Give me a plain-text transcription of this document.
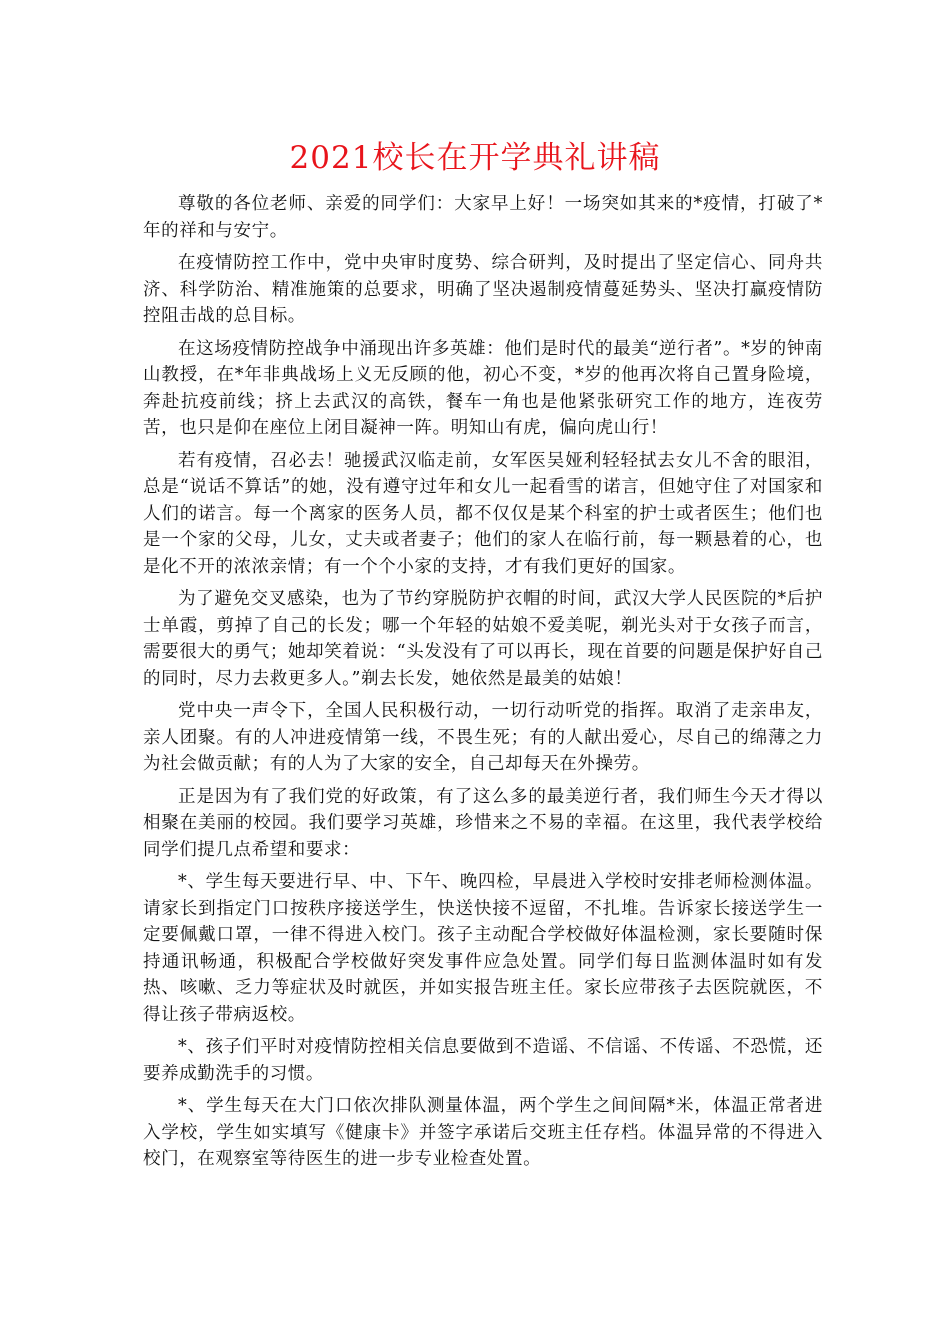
2021校长在开学典礼讲稿

尊敬的各位老师、亲爱的同学们：大家早上好！一场突如其来的*疫情，打破了*年的祥和与安宁。

在疫情防控工作中，党中央审时度势、综合研判，及时提出了坚定信心、同舟共济、科学防治、精准施策的总要求，明确了坚决遏制疫情蔓延势头、坚决打赢疫情防控阻击战的总目标。

在这场疫情防控战争中涌现出许多英雄：他们是时代的最美“逆行者”。*岁的钟南山教授，在*年非典战场上义无反顾的他，初心不变，*岁的他再次将自己置身险境，奔赴抗疫前线；挤上去武汉的高铁，餐车一角也是他紧张研究工作的地方，连夜劳苦，也只是仰在座位上闭目凝神一阵。明知山有虎，偏向虎山行！

若有疫情，召必去！驰援武汉临走前，女军医吴娅利轻轻拭去女儿不舍的眼泪，总是“说话不算话”的她，没有遵守过年和女儿一起看雪的诺言，但她守住了对国家和人们的诺言。每一个离家的医务人员，都不仅仅是某个科室的护士或者医生；他们也是一个家的父母，儿女，丈夫或者妻子；他们的家人在临行前，每一颗悬着的心，也是化不开的浓浓亲情；有一个个小家的支持，才有我们更好的国家。

为了避免交叉感染，也为了节约穿脱防护衣帽的时间，武汉大学人民医院的*后护士单霞，剪掉了自己的长发；哪一个年轻的姑娘不爱美呢，剃光头对于女孩子而言，需要很大的勇气；她却笑着说：“头发没有了可以再长，现在首要的问题是保护好自己的同时，尽力去救更多人。”剃去长发，她依然是最美的姑娘！

党中央一声令下，全国人民积极行动，一切行动听党的指挥。取消了走亲串友，亲人团聚。有的人冲进疫情第一线，不畏生死；有的人献出爱心，尽自己的绵薄之力为社会做贡献；有的人为了大家的安全，自己却每天在外操劳。

正是因为有了我们党的好政策，有了这么多的最美逆行者，我们师生今天才得以相聚在美丽的校园。我们要学习英雄，珍惜来之不易的幸福。在这里，我代表学校给同学们提几点希望和要求：

*、学生每天要进行早、中、下午、晚四检，早晨进入学校时安排老师检测体温。请家长到指定门口按秩序接送学生，快送快接不逗留，不扎堆。告诉家长接送学生一定要佩戴口罩，一律不得进入校门。孩子主动配合学校做好体温检测，家长要随时保持通讯畅通，积极配合学校做好突发事件应急处置。同学们每日监测体温时如有发热、咳嗽、乏力等症状及时就医，并如实报告班主任。家长应带孩子去医院就医，不得让孩子带病返校。

*、孩子们平时对疫情防控相关信息要做到不造谣、不信谣、不传谣、不恐慌，还要养成勤洗手的习惯。

*、学生每天在大门口依次排队测量体温，两个学生之间间隔*米，体温正常者进入学校，学生如实填写《健康卡》并签字承诺后交班主任存档。体温异常的不得进入校门，在观察室等待医生的进一步专业检查处置。
